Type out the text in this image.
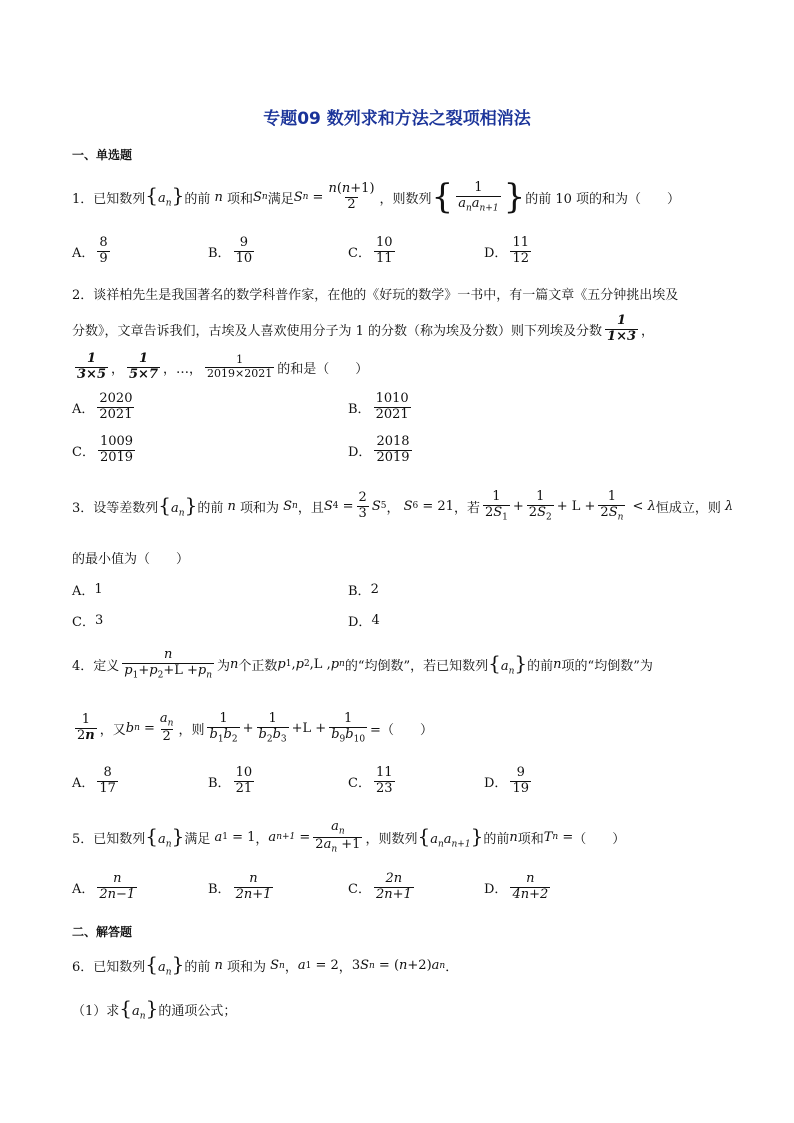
专题09 数列求和方法之裂项相消法
一、单选题
1．已知数列 $\{a_n\}$ 的前
n
项和 S n 满足 S $n = \frac{n(n+1)}{2}$ ，则数列 { $\frac{1}{a_na_{n+1}}$ } 的前 10 项的和为（　　）
A． $\frac{8}{9}$	B． $\frac{9}{10}$	C． $\frac{10}{11}$	D． $\frac{11}{12}$
2．谈祥柏先生是我国著名的数学科普作家，在他的《好玩的数学》一书中，有一篇文章《五分钟挑出埃及
分数》，文章告诉我们，古埃及人喜欢使用分子为 1 的分数（称为埃及分数）则下列埃及分数 $\frac{1}{1\times 3}$ ，
$\frac{1}{3\times 5}$ ， $\frac{1}{5\times 7}$ ，…， $\frac{1}{2019\times 2021}$ 的和是（　　）
A． $\frac{2020}{2021}$	B． $\frac{1010}{2021}$
C． $\frac{1009}{2019}$	D． $\frac{2018}{2019}$
3．设等差数列 $\{a_n\}$ 的前
n
项和为
S n ，且 S $4 = \frac{2}{3}$ S 5 ，
S 6 = 21 ，若 $\frac{1}{2S_1} + \frac{1}{2S_2} + L + \frac{1}{2S_n} < \lambda$ 恒成立，则
λ
的最小值为（　　）
A． 1	B． 2
C． 3	D． 4
4．定义 $\frac{n}{p_1+p_2+L +p_n}$ 为 n 个正数 p 1 , p 2 ,L , p n 的“均倒数”，若已知数列 $\{a_n\}$ 的前 n 项的“均倒数”为
$\frac{1}{2n}$ ，又 b $n = \frac{a_n}{2}$ ，则 $\frac{1}{b_1b_2} + \frac{1}{b_2b_3} +L + \frac{1}{b_9b_{10}}$ =（　　）
A． $\frac{8}{17}$	B． $\frac{10}{21}$	C． $\frac{11}{23}$	D． $\frac{9}{19}$
5．已知数列 $\{a_n\}$ 满足
a 1 = 1 ， a $n+1 = \frac{a_n}{2a_n +1}$ ，则数列 $\{a_na_{n+1}\}$ 的前 n 项和 T n = （　　）
A． $\frac{n}{2n-1}$	B． $\frac{n}{2n+1}$	C． $\frac{2n}{2n+1}$	D． $\frac{n}{4n+2}$
二、解答题
6．已知数列 $\{a_n\}$ 的前
n
项和为
S n ， a 1 = 2 ， 3 S n = ( n +2) a n ．
（1）求 $\{a_n\}$ 的通项公式；
